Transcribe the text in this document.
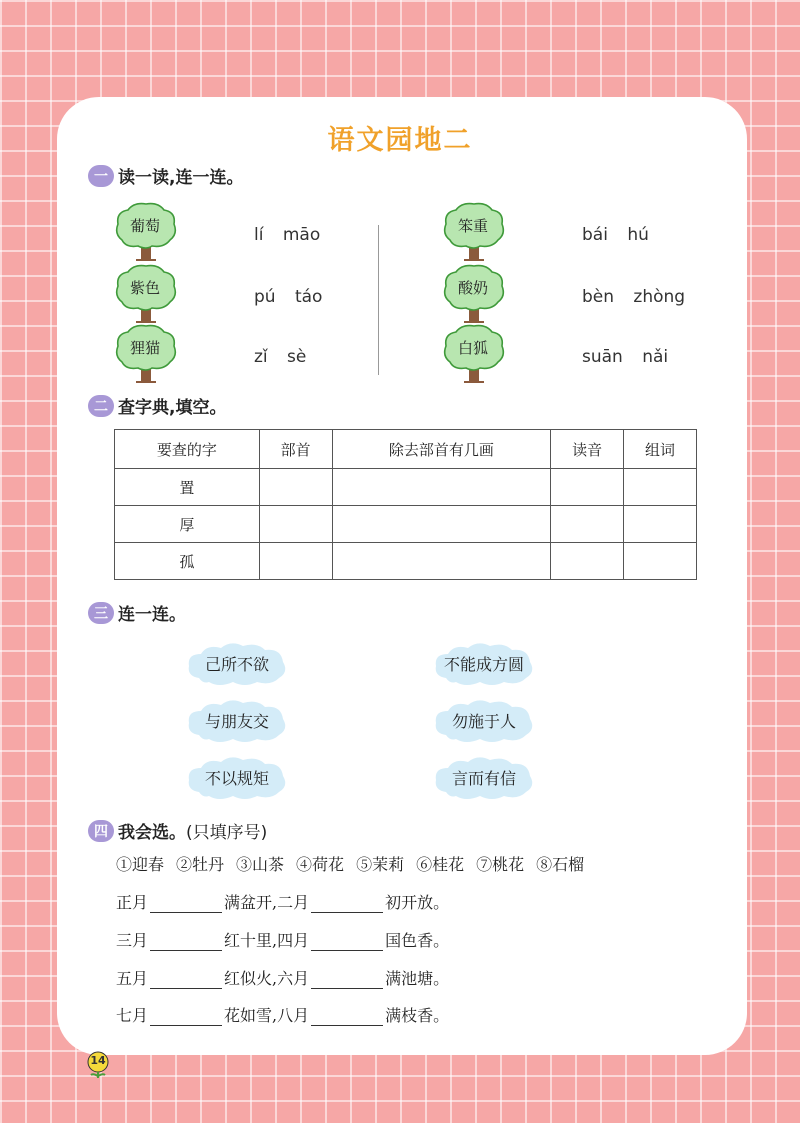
语文园地二
一 读一读,连一连。
葡萄
紫色
狸猫
lí māo
pú táo
zǐ sè
笨重
酸奶
白狐
bái hú
bèn zhòng
suān nǎi
二 查字典,填空。
要查的字	部首	除去部首有几画	读音	组词
置				
厚				
孤				
三 连一连。
己所不欲
与朋友交
不以规矩
不能成方圆
勿施于人
言而有信
四 我会选。(只填序号)
①迎春 ②牡丹 ③山茶 ④荷花 ⑤茉莉 ⑥桂花 ⑦桃花 ⑧石榴
正月	满盆开,二月	初开放。
三月	红十里,四月	国色香。
五月	红似火,六月	满池塘。
七月	花如雪,八月	满枝香。
14
